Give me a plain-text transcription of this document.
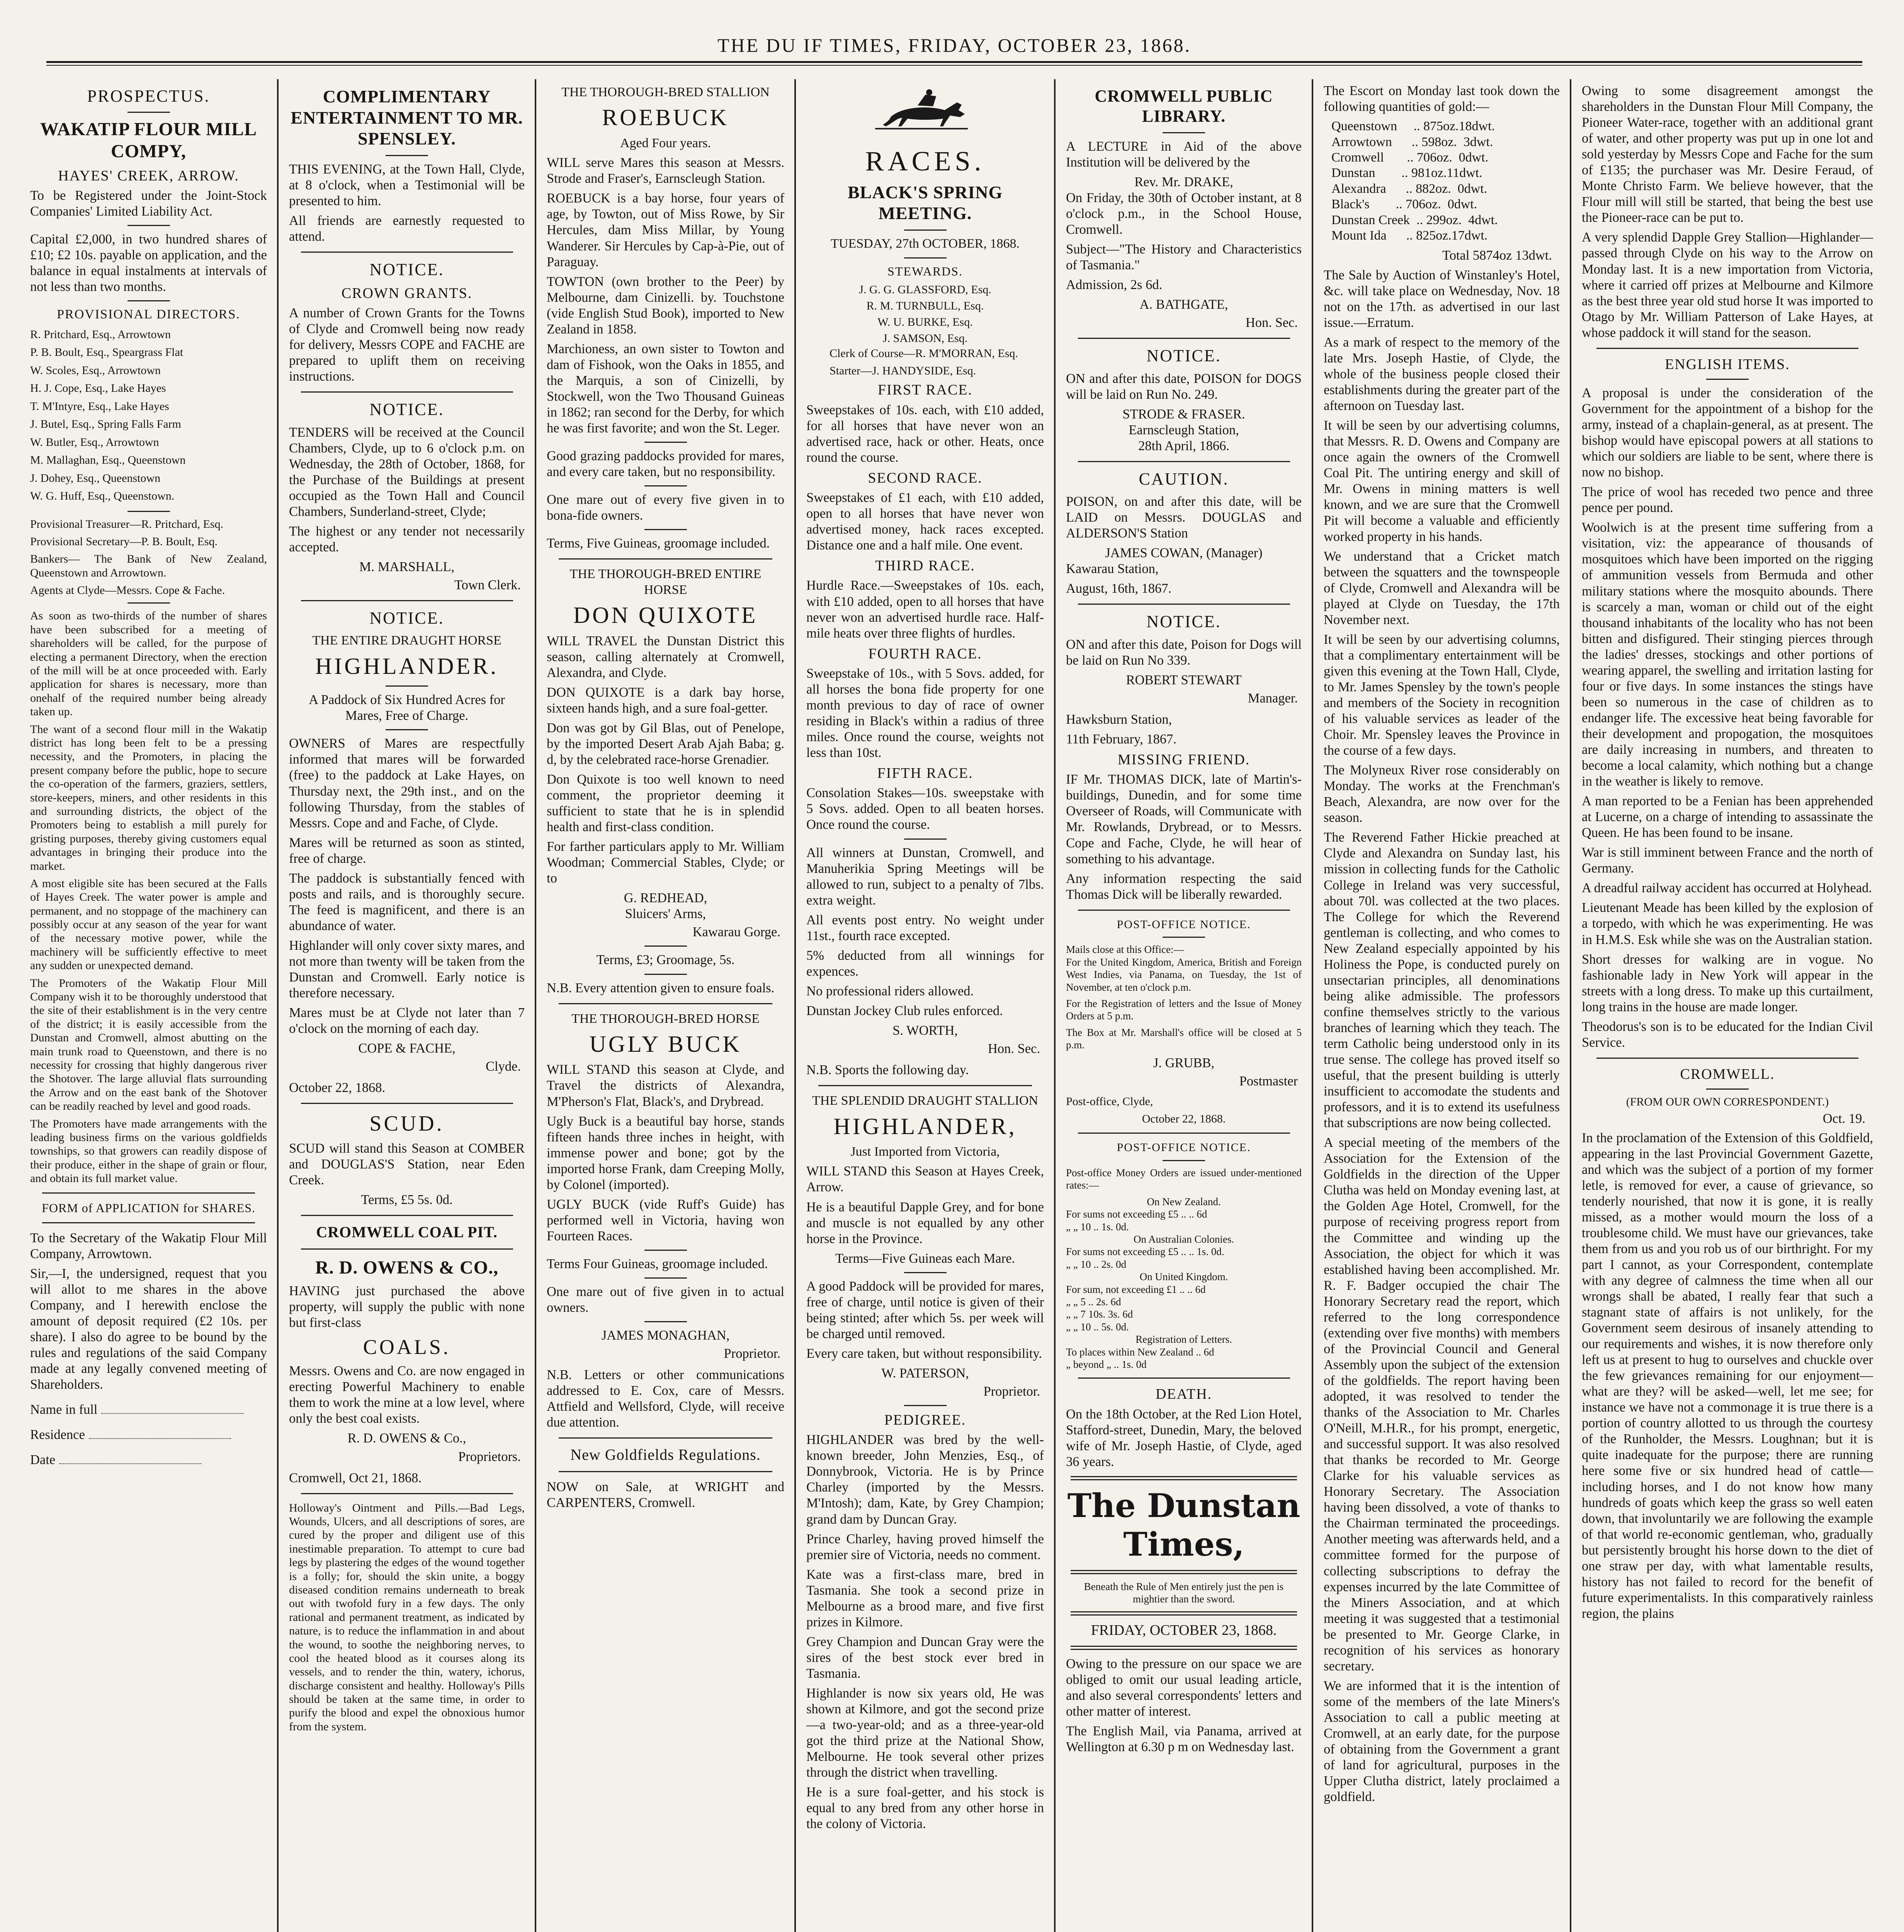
THE DU IF TIMES, FRIDAY, OCTOBER 23, 1868.
PROSPECTUS.
WAKATIP FLOUR MILL COMPY,
HAYES' CREEK, ARROW.

To be Registered under the Joint-Stock Companies' Limited Liability Act.

Capital £2,000, in two hundred shares of £10; £2 10s. payable on application, and the balance in equal instalments at intervals of not less than two months.

PROVISIONAL DIRECTORS.
R. Pritchard, Esq., Arrowtown
P. B. Boult, Esq., Speargrass Flat
W. Scoles, Esq., Arrowtown
H. J. Cope, Esq., Lake Hayes
T. M'Intyre, Esq., Lake Hayes
J. Butel, Esq., Spring Falls Farm
W. Butler, Esq., Arrowtown
M. Mallaghan, Esq., Queenstown
J. Dohey, Esq., Queenstown
W. G. Huff, Esq., Queenstown.

Provisional Treasurer—R. Pritchard, Esq.

Provisional Secretary—P. B. Boult, Esq.

Bankers— The Bank of New Zealand, Queenstown and Arrowtown.

Agents at Clyde—Messrs. Cope & Fache.

As soon as two-thirds of the number of shares have been subscribed for a meeting of shareholders will be called, for the purpose of electing a permanent Directory, when the erection of the mill will be at once proceeded with. Early application for shares is necessary, more than onehalf of the required number being already taken up.

The want of a second flour mill in the Wakatip district has long been felt to be a pressing necessity, and the Promoters, in placing the present company before the public, hope to secure the co-operation of the farmers, graziers, settlers, store-keepers, miners, and other residents in this and surrounding districts, the object of the Promoters being to establish a mill purely for gristing purposes, thereby giving customers equal advantages in bringing their produce into the market.

A most eligible site has been secured at the Falls of Hayes Creek. The water power is ample and permanent, and no stoppage of the machinery can possibly occur at any season of the year for want of the necessary motive power, while the machinery will be sufficiently effective to meet any sudden or unexpected demand.

The Promoters of the Wakatip Flour Mill Company wish it to be thoroughly understood that the site of their establishment is in the very centre of the district; it is easily accessible from the Dunstan and Cromwell, almost abutting on the main trunk road to Queenstown, and there is no necessity for crossing that highly dangerous river the Shotover. The large alluvial flats surrounding the Arrow and on the east bank of the Shotover can be readily reached by level and good roads.

The Promoters have made arrangements with the leading business firms on the various goldfields townships, so that growers can readily dispose of their produce, either in the shape of grain or flour, and obtain its full market value.

FORM of APPLICATION for SHARES.

To the Secretary of the Wakatip Flour Mill Company, Arrowtown.

Sir,—I, the undersigned, request that you will allot to me shares in the above Company, and I herewith enclose the amount of deposit required (£2 10s. per share). I also do agree to be bound by the rules and regulations of the said Company made at any legally convened meeting of Shareholders.

Name in full
Residence
Date
COMPLIMENTARY ENTERTAINMENT TO MR. SPENSLEY.

THIS EVENING, at the Town Hall, Clyde, at 8 o'clock, when a Testimonial will be presented to him.

All friends are earnestly requested to attend.

NOTICE.
CROWN GRANTS.

A number of Crown Grants for the Towns of Clyde and Cromwell being now ready for delivery, Messrs COPE and FACHE are prepared to uplift them on receiving instructions.

NOTICE.

TENDERS will be received at the Council Chambers, Clyde, up to 6 o'clock p.m. on Wednesday, the 28th of October, 1868, for the Purchase of the Buildings at present occupied as the Town Hall and Council Chambers, Sunderland-street, Clyde;

The highest or any tender not necessarily accepted.

M. MARSHALL,
Town Clerk.
NOTICE.
THE ENTIRE DRAUGHT HORSE
HIGHLANDER.

A Paddock of Six Hundred Acres for Mares, Free of Charge.

OWNERS of Mares are respectfully informed that mares will be forwarded (free) to the paddock at Lake Hayes, on Thursday next, the 29th inst., and on the following Thursday, from the stables of Messrs. Cope and and Fache, of Clyde.

Mares will be returned as soon as stinted, free of charge.

The paddock is substantially fenced with posts and rails, and is thoroughly secure. The feed is magnificent, and there is an abundance of water.

Highlander will only cover sixty mares, and not more than twenty will be taken from the Dunstan and Cromwell. Early notice is therefore necessary.

Mares must be at Clyde not later than 7 o'clock on the morning of each day.

COPE & FACHE,
Clyde.

October 22, 1868.

SCUD.

SCUD will stand this Season at COMBER and DOUGLAS'S Station, near Eden Creek.

Terms, £5 5s. 0d.
CROMWELL COAL PIT.
R. D. OWENS & CO.,

HAVING just purchased the above property, will supply the public with none but first-class

COALS.

Messrs. Owens and Co. are now engaged in erecting Powerful Machinery to enable them to work the mine at a low level, where only the best coal exists.

R. D. OWENS & Co.,
Proprietors.

Cromwell, Oct 21, 1868.

Holloway's Ointment and Pills.—Bad Legs, Wounds, Ulcers, and all descriptions of sores, are cured by the proper and diligent use of this inestimable preparation. To attempt to cure bad legs by plastering the edges of the wound together is a folly; for, should the skin unite, a boggy diseased condition remains underneath to break out with twofold fury in a few days. The only rational and permanent treatment, as indicated by nature, is to reduce the inflammation in and about the wound, to soothe the neighboring nerves, to cool the heated blood as it courses along its vessels, and to render the thin, watery, ichorus, discharge consistent and healthy. Holloway's Pills should be taken at the same time, in order to purify the blood and expel the obnoxious humor from the system.

THE THOROUGH-BRED STALLION
ROEBUCK
Aged Four years.

WILL serve Mares this season at Messrs. Strode and Fraser's, Earnscleugh Station.

ROEBUCK is a bay horse, four years of age, by Towton, out of Miss Rowe, by Sir Hercules, dam Miss Millar, by Young Wanderer. Sir Hercules by Cap-à-Pie, out of Paraguay.

TOWTON (own brother to the Peer) by Melbourne, dam Cinizelli. by. Touchstone (vide English Stud Book), imported to New Zealand in 1858.

Marchioness, an own sister to Towton and dam of Fishook, won the Oaks in 1855, and the Marquis, a son of Cinizelli, by Stockwell, won the Two Thousand Guineas in 1862; ran second for the Derby, for which he was first favorite; and won the St. Leger.

Good grazing paddocks provided for mares, and every care taken, but no responsibility.

One mare out of every five given in to bona-fide owners.

Terms, Five Guineas, groomage included.

THE THOROUGH-BRED ENTIRE HORSE
DON QUIXOTE

WILL TRAVEL the Dunstan District this season, calling alternately at Cromwell, Alexandra, and Clyde.

DON QUIXOTE is a dark bay horse, sixteen hands high, and a sure foal-getter.

Don was got by Gil Blas, out of Penelope, by the imported Desert Arab Ajah Baba; g. d, by the celebrated race-horse Grenadier.

Don Quixote is too well known to need comment, the proprietor deeming it sufficient to state that he is in splendid health and first-class condition.

For farther particulars apply to Mr. William Woodman; Commercial Stables, Clyde; or to

G. REDHEAD,
Sluicers' Arms,
Kawarau Gorge.

Terms, £3; Groomage, 5s.

N.B. Every attention given to ensure foals.

THE THOROUGH-BRED HORSE
UGLY BUCK

WILL STAND this season at Clyde, and Travel the districts of Alexandra, M'Pherson's Flat, Black's, and Drybread.

Ugly Buck is a beautiful bay horse, stands fifteen hands three inches in height, with immense power and bone; got by the imported horse Frank, dam Creeping Molly, by Colonel (imported).

UGLY BUCK (vide Ruff's Guide) has performed well in Victoria, having won Fourteen Races.

Terms Four Guineas, groomage included.

One mare out of five given in to actual owners.

JAMES MONAGHAN,
Proprietor.

N.B. Letters or other communications addressed to E. Cox, care of Messrs. Attfield and Wellsford, Clyde, will receive due attention.

New Goldfields Regulations.

NOW on Sale, at WRIGHT and CARPENTERS, Cromwell.

RACES.
BLACK'S SPRING MEETING.
TUESDAY, 27th OCTOBER, 1868.
STEWARDS.
J. G. G. GLASSFORD, Esq.
R. M. TURNBULL, Esq.
W. U. BURKE, Esq.
J. SAMSON, Esq.

Clerk of Course—R. M'MORRAN, Esq.

Starter—J. HANDYSIDE, Esq.

FIRST RACE.

Sweepstakes of 10s. each, with £10 added, for all horses that have never won an advertised race, hack or other. Heats, once round the course.

SECOND RACE.

Sweepstakes of £1 each, with £10 added, open to all horses that have never won advertised money, hack races excepted. Distance one and a half mile. One event.

THIRD RACE.

Hurdle Race.—Sweepstakes of 10s. each, with £10 added, open to all horses that have never won an advertised hurdle race. Half-mile heats over three flights of hurdles.

FOURTH RACE.

Sweepstake of 10s., with 5 Sovs. added, for all horses the bona fide property for one month previous to day of race of owner residing in Black's within a radius of three miles. Once round the course, weights not less than 10st.

FIFTH RACE.

Consolation Stakes—10s. sweepstake with 5 Sovs. added. Open to all beaten horses. Once round the course.

All winners at Dunstan, Cromwell, and Manuherikia Spring Meetings will be allowed to run, subject to a penalty of 7lbs. extra weight.

All events post entry. No weight under 11st., fourth race excepted.

5% deducted from all winnings for expences.

No professional riders allowed.

Dunstan Jockey Club rules enforced.

S. WORTH,
Hon. Sec.

N.B. Sports the following day.

THE SPLENDID DRAUGHT STALLION
HIGHLANDER,
Just Imported from Victoria,

WILL STAND this Season at Hayes Creek, Arrow.

He is a beautiful Dapple Grey, and for bone and muscle is not equalled by any other horse in the Province.

Terms—Five Guineas each Mare.

A good Paddock will be provided for mares, free of charge, until notice is given of their being stinted; after which 5s. per week will be charged until removed.

Every care taken, but without responsibility.

W. PATERSON,
Proprietor.
PEDIGREE.

HIGHLANDER was bred by the well-known breeder, John Menzies, Esq., of Donnybrook, Victoria. He is by Prince Charley (imported by the Messrs. M'Intosh); dam, Kate, by Grey Champion; grand dam by Duncan Gray.

Prince Charley, having proved himself the premier sire of Victoria, needs no comment.

Kate was a first-class mare, bred in Tasmania. She took a second prize in Melbourne as a brood mare, and five first prizes in Kilmore.

Grey Champion and Duncan Gray were the sires of the best stock ever bred in Tasmania.

Highlander is now six years old, He was shown at Kilmore, and got the second prize—a two-year-old; and as a three-year-old got the third prize at the National Show, Melbourne. He took several other prizes through the district when travelling.

He is a sure foal-getter, and his stock is equal to any bred from any other horse in the colony of Victoria.

CROMWELL PUBLIC LIBRARY.

A LECTURE in Aid of the above Institution will be delivered by the

Rev. Mr. DRAKE,

On Friday, the 30th of October instant, at 8 o'clock p.m., in the School House, Cromwell.

Subject—"The History and Characteristics of Tasmania."

Admission, 2s 6d.

A. BATHGATE,
Hon. Sec.
NOTICE.

ON and after this date, POISON for DOGS will be laid on Run No. 249.

STRODE & FRASER.
Earnscleugh Station,
28th April, 1866.
CAUTION.

POISON, on and after this date, will be LAID on Messrs. DOUGLAS and ALDERSON'S Station

JAMES COWAN, (Manager)

Kawarau Station,

August, 16th, 1867.

NOTICE.

ON and after this date, Poison for Dogs will be laid on Run No 339.

ROBERT STEWART
Manager.

Hawksburn Station,

11th February, 1867.

MISSING FRIEND.

IF Mr. THOMAS DICK, late of Martin's-buildings, Dunedin, and for some time Overseer of Roads, will Communicate with Mr. Rowlands, Drybread, or to Messrs. Cope and Fache, Clyde, he will hear of something to his advantage.

Any information respecting the said Thomas Dick will be liberally rewarded.

POST-OFFICE NOTICE.

Mails close at this Office:—
For the United Kingdom, America, British and Foreign West Indies, via Panama, on Tuesday, the 1st of November, at ten o'clock p.m.

For the Registration of letters and the Issue of Money Orders at 5 p.m.

The Box at Mr. Marshall's office will be closed at 5 p.m.

J. GRUBB,
Postmaster

Post-office, Clyde,

October 22, 1868.

POST-OFFICE NOTICE.

Post-office Money Orders are issued under-mentioned rates:—

On New Zealand.
For sums not exceeding £5 .. .. 6d
„ „ 10 .. 1s. 0d.
On Australian Colonies.
For sums not exceeding £5 .. .. 1s. 0d.
„ „ 10 .. 2s. 0d
On United Kingdom.
For sum, not exceeding £1 .. .. 6d
„ „ 5 .. 2s. 6d
„ „ 7 10s. 3s. 6d
„ „ 10 .. 5s. 0d.
Registration of Letters.
To places within New Zealand .. 6d
„ beyond „ .. 1s. 0d
DEATH.

On the 18th October, at the Red Lion Hotel, Stafford-street, Dunedin, Mary, the beloved wife of Mr. Joseph Hastie, of Clyde, aged 36 years.

The Dunstan Times,

Beneath the Rule of Men entirely just the pen is mightier than the sword.

FRIDAY, OCTOBER 23, 1868.

Owing to the pressure on our space we are obliged to omit our usual leading article, and also several correspondents' letters and other matter of interest.

The English Mail, via Panama, arrived at Wellington at 6.30 p m on Wednesday last.

The Escort on Monday last took down the following quantities of gold:—

Queenstown     .. 875oz.18dwt.
Arrowtown      .. 598oz.  3dwt.
Cromwell       .. 706oz.  0dwt.
Dunstan        .. 981oz.11dwt.
Alexandra      .. 882oz.  0dwt.
Black's        .. 706oz.  0dwt.
Dunstan Creek  .. 299oz.  4dwt.
Mount Ida      .. 825oz.17dwt.
Total 5874oz 13dwt.

The Sale by Auction of Winstanley's Hotel, &c. will take place on Wednesday, Nov. 18 not on the 17th. as advertised in our last issue.—Erratum.

As a mark of respect to the memory of the late Mrs. Joseph Hastie, of Clyde, the whole of the business people closed their establishments during the greater part of the afternoon on Tuesday last.

It will be seen by our advertising columns, that Messrs. R. D. Owens and Company are once again the owners of the Cromwell Coal Pit. The untiring energy and skill of Mr. Owens in mining matters is well known, and we are sure that the Cromwell Pit will become a valuable and efficiently worked property in his hands.

We understand that a Cricket match between the squatters and the townspeople of Clyde, Cromwell and Alexandra will be played at Clyde on Tuesday, the 17th November next.

It will be seen by our advertising columns, that a complimentary entertainment will be given this evening at the Town Hall, Clyde, to Mr. James Spensley by the town's people and members of the Society in recognition of his valuable services as leader of the Choir. Mr. Spensley leaves the Province in the course of a few days.

The Molyneux River rose considerably on Monday. The works at the Frenchman's Beach, Alexandra, are now over for the season.

The Reverend Father Hickie preached at Clyde and Alexandra on Sunday last, his mission in collecting funds for the Catholic College in Ireland was very successful, about 70l. was collected at the two places. The College for which the Reverend gentleman is collecting, and who comes to New Zealand especially appointed by his Holiness the Pope, is conducted purely on unsectarian principles, all denominations being alike admissible. The professors confine themselves strictly to the various branches of learning which they teach. The term Catholic being understood only in its true sense. The college has proved itself so useful, that the present building is utterly insufficient to accomodate the students and professors, and it is to extend its usefulness that subscriptions are now being collected.

A special meeting of the members of the Association for the Extension of the Goldfields in the direction of the Upper Clutha was held on Monday evening last, at the Golden Age Hotel, Cromwell, for the purpose of receiving progress report from the Committee and winding up the Association, the object for which it was established having been accomplished. Mr. R. F. Badger occupied the chair The Honorary Secretary read the report, which referred to the long correspondence (extending over five months) with members of the Provincial Council and General Assembly upon the subject of the extension of the goldfields. The report having been adopted, it was resolved to tender the thanks of the Association to Mr. Charles O'Neill, M.H.R., for his prompt, energetic, and successful support. It was also resolved that thanks be recorded to Mr. George Clarke for his valuable services as Honorary Secretary. The Association having been dissolved, a vote of thanks to the Chairman terminated the proceedings. Another meeting was afterwards held, and a committee formed for the purpose of collecting subscriptions to defray the expenses incurred by the late Committee of the Miners Association, and at which meeting it was suggested that a testimonial be presented to Mr. George Clarke, in recognition of his services as honorary secretary.

We are informed that it is the intention of some of the members of the late Miners's Association to call a public meeting at Cromwell, at an early date, for the purpose of obtaining from the Government a grant of land for agricultural, purposes in the Upper Clutha district, lately proclaimed a goldfield.

Owing to some disagreement amongst the shareholders in the Dunstan Flour Mill Company, the Pioneer Water-race, together with an additional grant of water, and other property was put up in one lot and sold yesterday by Messrs Cope and Fache for the sum of £135; the purchaser was Mr. Desire Feraud, of Monte Christo Farm. We believe however, that the Flour mill will still be started, that being the best use the Pioneer-race can be put to.

A very splendid Dapple Grey Stallion—Highlander—passed through Clyde on his way to the Arrow on Monday last. It is a new importation from Victoria, where it carried off prizes at Melbourne and Kilmore as the best three year old stud horse It was imported to Otago by Mr. William Patterson of Lake Hayes, at whose paddock it will stand for the season.

ENGLISH ITEMS.

A proposal is under the consideration of the Government for the appointment of a bishop for the army, instead of a chaplain-general, as at present. The bishop would have episcopal powers at all stations to which our soldiers are liable to be sent, where there is now no bishop.

The price of wool has receded two pence and three pence per pound.

Woolwich is at the present time suffering from a visitation, viz: the appearance of thousands of mosquitoes which have been imported on the rigging of ammunition vessels from Bermuda and other military stations where the mosquito abounds. There is scarcely a man, woman or child out of the eight thousand inhabitants of the locality who has not been bitten and disfigured. Their stinging pierces through the ladies' dresses, stockings and other portions of wearing apparel, the swelling and irritation lasting for four or five days. In some instances the stings have been so numerous in the case of children as to endanger life. The excessive heat being favorable for their development and propogation, the mosquitoes are daily increasing in numbers, and threaten to become a local calamity, which nothing but a change in the weather is likely to remove.

A man reported to be a Fenian has been apprehended at Lucerne, on a charge of intending to assassinate the Queen. He has been found to be insane.

War is still imminent between France and the north of Germany.

A dreadful railway accident has occurred at Holyhead.

Lieutenant Meade has been killed by the explosion of a torpedo, with which he was experimenting. He was in H.M.S. Esk while she was on the Australian station.

Short dresses for walking are in vogue. No fashionable lady in New York will appear in the streets with a long dress. To make up this curtailment, long trains in the house are made longer.

Theodorus's son is to be educated for the Indian Civil Service.

CROMWELL.
(FROM OUR OWN CORRESPONDENT.)
Oct. 19.

In the proclamation of the Extension of this Goldfield, appearing in the last Provincial Government Gazette, and which was the subject of a portion of my former letle, is removed for ever, a cause of grievance, so tenderly nourished, that now it is gone, it is really missed, as a mother would mourn the loss of a troublesome child. We must have our grievances, take them from us and you rob us of our birthright. For my part I cannot, as your Correspondent, contemplate with any degree of calmness the time when all our wrongs shall be abated, I really fear that such a stagnant state of affairs is not unlikely, for the Government seem desirous of insanely attending to our requirements and wishes, it is now therefore only left us at present to hug to ourselves and chuckle over the few grievances remaining for our enjoyment—what are they? will be asked—well, let me see; for instance we have not a commonage it is true there is a portion of country allotted to us through the courtesy of the Runholder, the Messrs. Loughnan; but it is quite inadequate for the purpose; there are running here some five or six hundred head of cattle—including horses, and I do not know how many hundreds of goats which keep the grass so well eaten down, that involuntarily we are following the example of that world re-economic gentleman, who, gradually but persistently brought his horse down to the diet of one straw per day, with what lamentable results, history has not failed to record for the benefit of future experimentalists. In this comparatively rainless region, the plains
